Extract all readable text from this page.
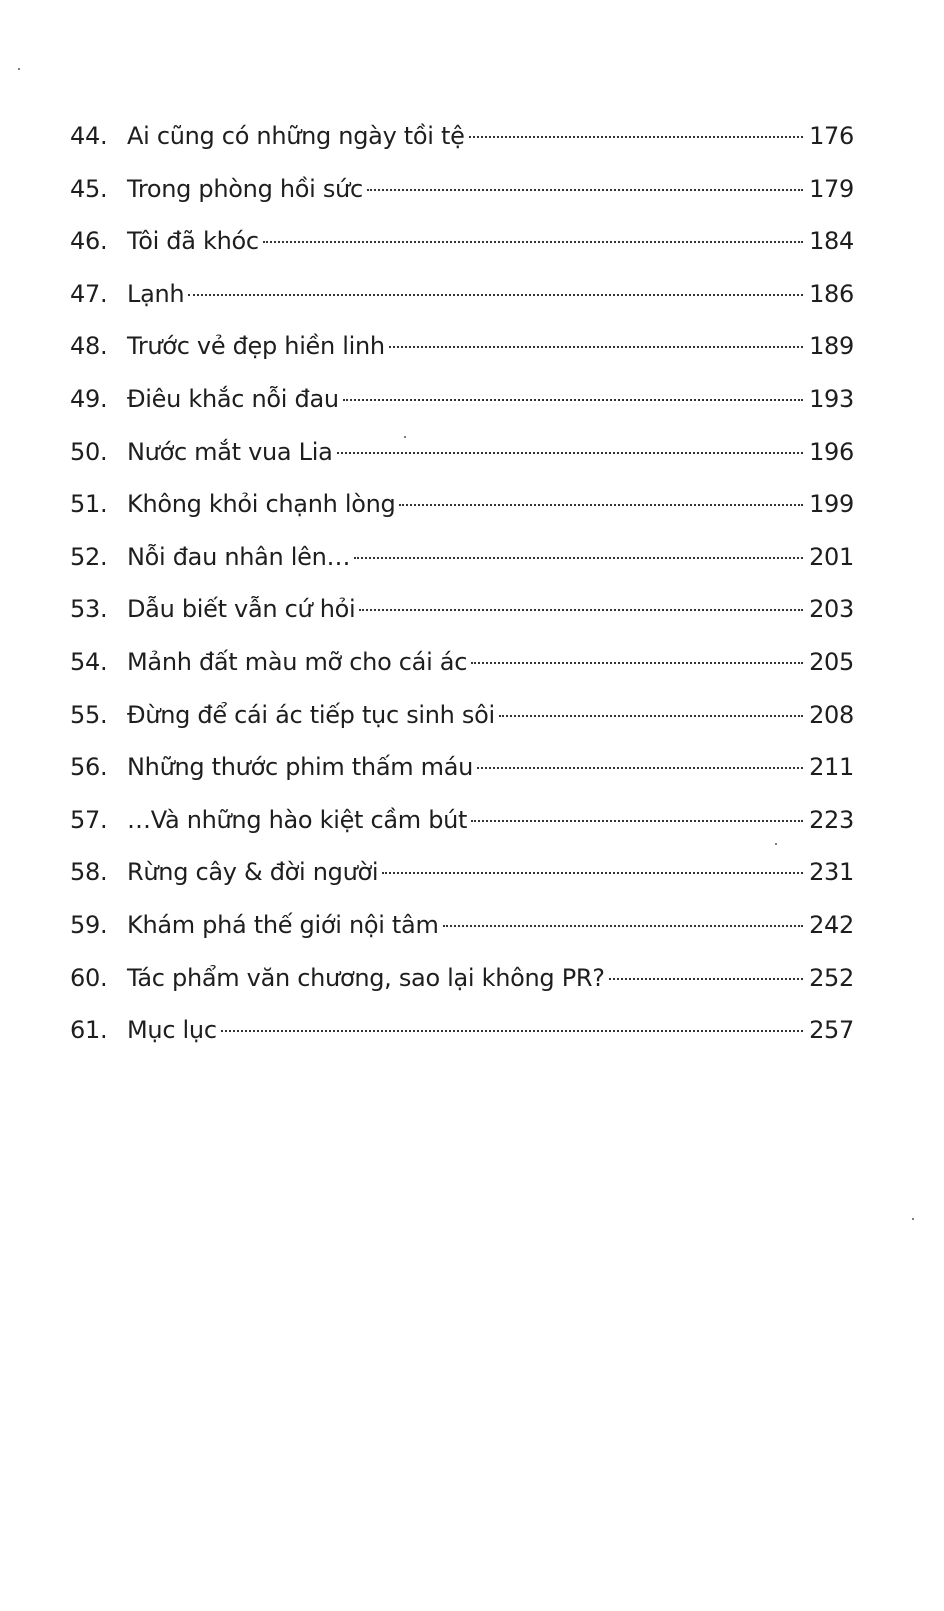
44. Ai cũng có những ngày tồi tệ	176
45. Trong phòng hồi sức	179
46. Tôi đã khóc	184
47. Lạnh	186
48. Trước vẻ đẹp hiền linh	189
49. Điêu khắc nỗi đau	193
50. Nước mắt vua Lia	196
51. Không khỏi chạnh lòng	199
52. Nỗi đau nhân lên…	201
53. Dẫu biết vẫn cứ hỏi	203
54. Mảnh đất màu mỡ cho cái ác	205
55. Đừng để cái ác tiếp tục sinh sôi	208
56. Những thước phim thấm máu	211
57. …Và những hào kiệt cầm bút	223
58. Rừng cây & đời người	231
59. Khám phá thế giới nội tâm	242
60. Tác phẩm văn chương, sao lại không PR?	252
61. Mục lục	257
